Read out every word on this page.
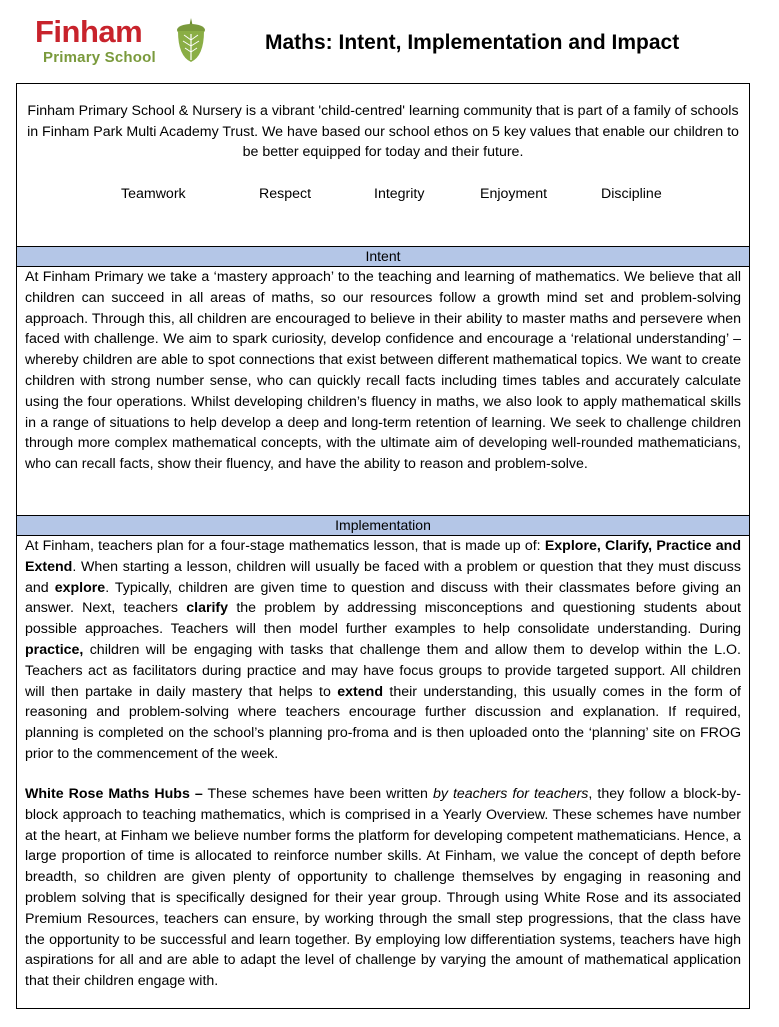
Finham
Primary School
Maths: Intent, Implementation and Impact
Finham Primary School & Nursery is a vibrant 'child-centred' learning community that is part of a family of schools in Finham Park Multi Academy Trust. We have based our school ethos on 5 key values that enable our children to be better equipped for today and their future.
Teamwork	Respect	Integrity	Enjoyment	Discipline
Intent
At Finham Primary we take a ‘mastery approach’ to the teaching and learning of mathematics. We believe that all children can succeed in all areas of maths, so our resources follow a growth mind set and problem-solving approach. Through this, all children are encouraged to believe in their ability to master maths and persevere when faced with challenge. We aim to spark curiosity, develop confidence and encourage a ‘relational understanding’ – whereby children are able to spot connections that exist between different mathematical topics. We want to create children with strong number sense, who can quickly recall facts including times tables and accurately calculate using the four operations. Whilst developing children’s fluency in maths, we also look to apply mathematical skills in a range of situations to help develop a deep and long-term retention of learning. We seek to challenge children through more complex mathematical concepts, with the ultimate aim of developing well-rounded mathematicians, who can recall facts, show their fluency, and have the ability to reason and problem-solve.
Implementation
At Finham, teachers plan for a four-stage mathematics lesson, that is made up of: Explore, Clarify, Practice and Extend. When starting a lesson, children will usually be faced with a problem or question that they must discuss and explore. Typically, children are given time to question and discuss with their classmates before giving an answer. Next, teachers clarify the problem by addressing misconceptions and questioning students about possible approaches. Teachers will then model further examples to help consolidate understanding. During practice, children will be engaging with tasks that challenge them and allow them to develop within the L.O. Teachers act as facilitators during practice and may have focus groups to provide targeted support. All children will then partake in daily mastery that helps to extend their understanding, this usually comes in the form of reasoning and problem-solving where teachers encourage further discussion and explanation. If required, planning is completed on the school’s planning pro-froma and is then uploaded onto the ‘planning’ site on FROG prior to the commencement of the week.
White Rose Maths Hubs – These schemes have been written by teachers for teachers, they follow a block-by-block approach to teaching mathematics, which is comprised in a Yearly Overview. These schemes have number at the heart, at Finham we believe number forms the platform for developing competent mathematicians. Hence, a large proportion of time is allocated to reinforce number skills. At Finham, we value the concept of depth before breadth, so children are given plenty of opportunity to challenge themselves by engaging in reasoning and problem solving that is specifically designed for their year group. Through using White Rose and its associated Premium Resources, teachers can ensure, by working through the small step progressions, that the class have the opportunity to be successful and learn together. By employing low differentiation systems, teachers have high aspirations for all and are able to adapt the level of challenge by varying the amount of mathematical application that their children engage with.
